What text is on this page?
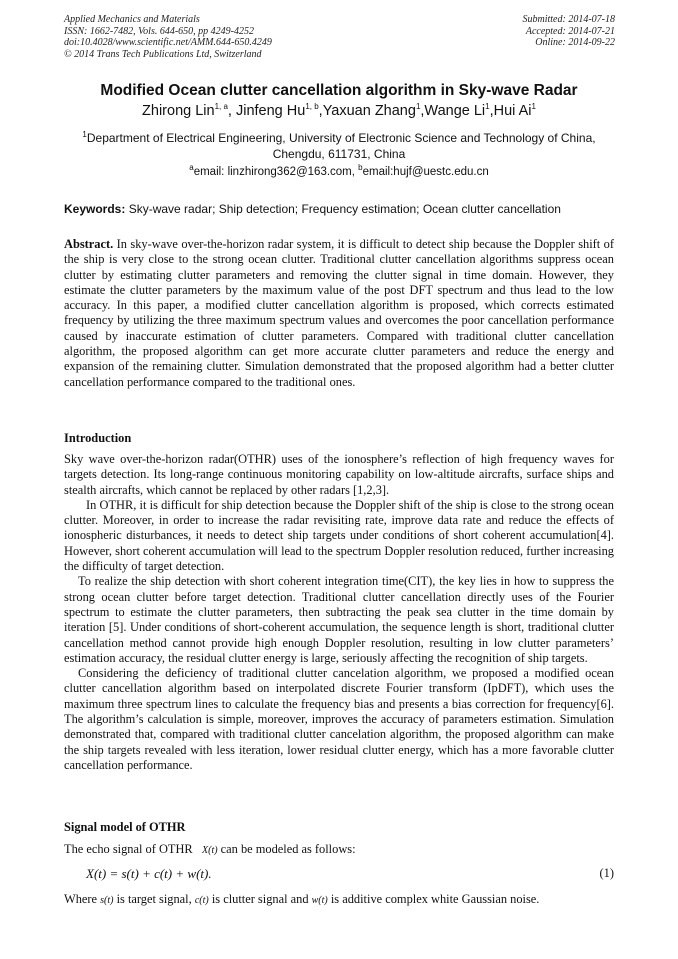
Applied Mechanics and Materials
ISSN: 1662-7482, Vols. 644-650, pp 4249-4252
doi:10.4028/www.scientific.net/AMM.644-650.4249
© 2014 Trans Tech Publications Ltd, Switzerland
Submitted: 2014-07-18
Accepted: 2014-07-21
Online: 2014-09-22
Modified Ocean clutter cancellation algorithm in Sky-wave Radar
Zhirong Lin$^{1, a}$, Jinfeng Hu$^{1, b}$,Yaxuan Zhang$^1$,Wange Li$^1$,Hui Ai$^1$
$^1$Department of Electrical Engineering, University of Electronic Science and Technology of China, Chengdu, 611731, China
$^a$email: linzhirong362@163.com, $^b$email:hujf@uestc.edu.cn
Keywords: Sky-wave radar; Ship detection; Frequency estimation; Ocean clutter cancellation

Abstract. In sky-wave over-the-horizon radar system, it is difficult to detect ship because the Doppler shift of the ship is very close to the strong ocean clutter. Traditional clutter cancellation algorithms suppress ocean clutter by estimating clutter parameters and removing the clutter signal in time domain. However, they estimate the clutter parameters by the maximum value of the post DFT spectrum and thus lead to the low accuracy. In this paper, a modified clutter cancellation algorithm is proposed, which corrects estimated frequency by utilizing the three maximum spectrum values and overcomes the poor cancellation performance caused by inaccurate estimation of clutter parameters. Compared with traditional clutter cancellation algorithm, the proposed algorithm can get more accurate clutter parameters and reduce the energy and expansion of the remaining clutter. Simulation demonstrated that the proposed algorithm had a better clutter cancellation performance compared to the traditional ones.

Introduction

Sky wave over-the-horizon radar(OTHR) uses of the ionosphere’s reflection of high frequency waves for targets detection. Its long-range continuous monitoring capability on low-altitude aircrafts, surface ships and stealth aircrafts, which cannot be replaced by other radars [1,2,3].

In OTHR, it is difficult for ship detection because the Doppler shift of the ship is close to the strong ocean clutter. Moreover, in order to increase the radar revisiting rate, improve data rate and reduce the effects of ionospheric disturbances, it needs to detect ship targets under conditions of short coherent accumulation[4]. However, short coherent accumulation will lead to the spectrum Doppler resolution reduced, further increasing the difficulty of target detection.

To realize the ship detection with short coherent integration time(CIT), the key lies in how to suppress the strong ocean clutter before target detection. Traditional clutter cancellation directly uses of the Fourier spectrum to estimate the clutter parameters, then subtracting the peak sea clutter in the time domain by iteration [5]. Under conditions of short-coherent accumulation, the sequence length is short, traditional clutter cancellation method cannot provide high enough Doppler resolution, resulting in low clutter parameters’ estimation accuracy, the residual clutter energy is large, seriously affecting the recognition of ship targets.

Considering the deficiency of traditional clutter cancelation algorithm, we proposed a modified ocean clutter cancellation algorithm based on interpolated discrete Fourier transform (IpDFT), which uses the maximum three spectrum lines to calculate the frequency bias and presents a bias correction for frequency[6]. The algorithm’s calculation is simple, moreover, improves the accuracy of parameters estimation. Simulation demonstrated that, compared with traditional clutter cancelation algorithm, the proposed algorithm can make the ship targets revealed with less iteration, lower residual clutter energy, which has a more favorable clutter cancellation performance.

Signal model of OTHR

The echo signal of OTHR X(t) can be modeled as follows:

X(t) = s(t) + c(t) + w(t).	(1)

Where s(t) is target signal, c(t) is clutter signal and w(t) is additive complex white Gaussian noise.
